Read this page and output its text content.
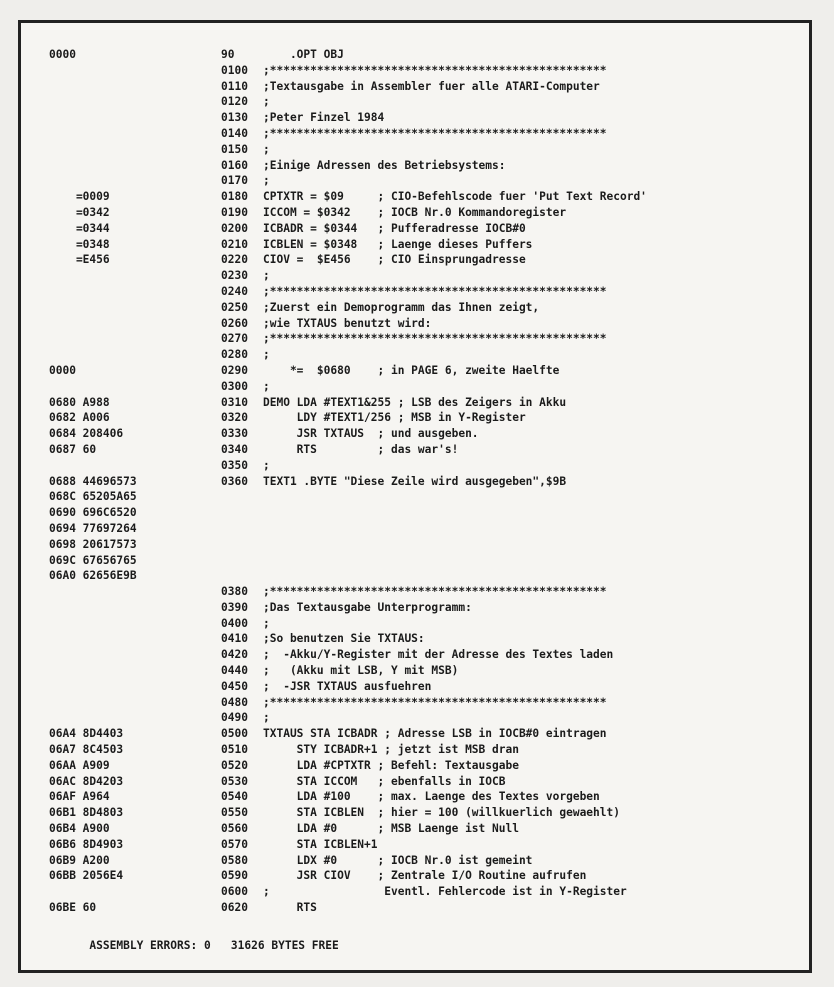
0000	90	.OPT OBJ
0100 ;**************************************************
0110 ;Textausgabe in Assembler fuer alle ATARI-Computer
0120 ;
0130 ;Peter Finzel 1984
0140 ;**************************************************
0150 ;
0160 ;Einige Adressen des Betriebsystems:
0170 ;
=0009	0180 CPTXTR = $09     ; CIO-Befehlscode fuer 'Put Text Record'
=0342	0190 ICCOM = $0342    ; IOCB Nr.0 Kommandoregister
=0344	0200 ICBADR = $0344   ; Pufferadresse IOCB#0
=0348	0210 ICBLEN = $0348   ; Laenge dieses Puffers
=E456	0220 CIOV =  $E456    ; CIO Einsprungadresse
0230 ;
0240 ;**************************************************
0250 ;Zuerst ein Demoprogramm das Ihnen zeigt,
0260 ;wie TXTAUS benutzt wird:
0270 ;**************************************************
0280 ;
0000	0290 *=  $0680    ; in PAGE 6, zweite Haelfte
0300 ;
0680 A988	0310 DEMO LDA #TEXT1&255 ; LSB des Zeigers in Akku
0682 A006	0320 LDY #TEXT1/256 ; MSB in Y-Register
0684 208406	0330 JSR TXTAUS  ; und ausgeben.
0687 60	0340 RTS         ; das war's!
0350 ;
0688 44696573	0360 TEXT1 .BYTE "Diese Zeile wird ausgegeben",$9B
068C 65205A65
0690 696C6520
0694 77697264
0698 20617573
069C 67656765
06A0 62656E9B
0380 ;**************************************************
0390 ;Das Textausgabe Unterprogramm:
0400 ;
0410 ;So benutzen Sie TXTAUS:
0420 ;  -Akku/Y-Register mit der Adresse des Textes laden
0440 ;   (Akku mit LSB, Y mit MSB)
0450 ;  -JSR TXTAUS ausfuehren
0480 ;**************************************************
0490 ;
06A4 8D4403	0500 TXTAUS STA ICBADR ; Adresse LSB in IOCB#0 eintragen
06A7 8C4503	0510 STY ICBADR+1 ; jetzt ist MSB dran
06AA A909	0520 LDA #CPTXTR ; Befehl: Textausgabe
06AC 8D4203	0530 STA ICCOM   ; ebenfalls in IOCB
06AF A964	0540 LDA #100    ; max. Laenge des Textes vorgeben
06B1 8D4803	0550 STA ICBLEN  ; hier = 100 (willkuerlich gewaehlt)
06B4 A900	0560 LDA #0      ; MSB Laenge ist Null
06B6 8D4903	0570 STA ICBLEN+1
06B9 A200	0580 LDX #0      ; IOCB Nr.0 ist gemeint
06BB 2056E4	0590 JSR CIOV    ; Zentrale I/O Routine aufrufen
0600 ;                 Eventl. Fehlercode ist in Y-Register
06BE 60	0620 RTS

ASSEMBLY ERRORS: 0 31626 BYTES FREE
